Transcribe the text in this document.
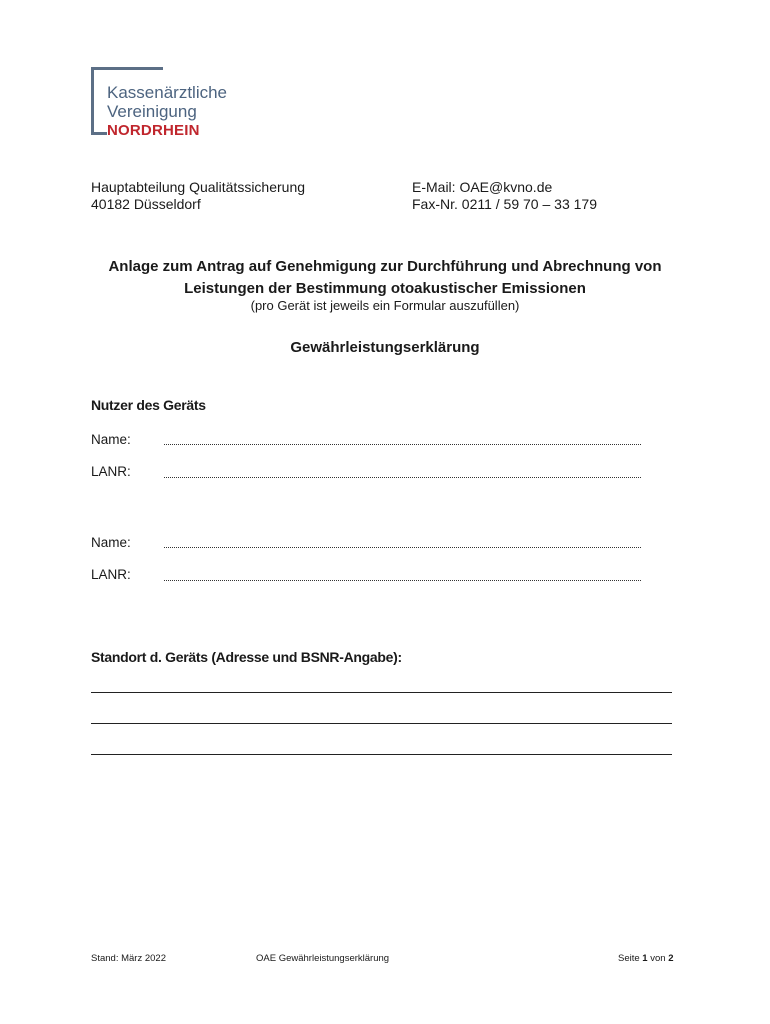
Kassenärztliche
Vereinigung
NORDRHEIN
Hauptabteilung Qualitätssicherung
40182 Düsseldorf
E-Mail: OAE@kvno.de
Fax-Nr. 0211 / 59 70 – 33 179
Anlage zum Antrag auf Genehmigung zur Durchführung und Abrechnung von
Leistungen der Bestimmung otoakustischer Emissionen
(pro Gerät ist jeweils ein Formular auszufüllen)
Gewährleistungserklärung
Nutzer des Geräts
Name:
LANR:
Name:
LANR:
Standort d. Geräts (Adresse und BSNR-Angabe):
Stand: März 2022	OAE Gewährleistungserklärung	Seite 1 von 2
